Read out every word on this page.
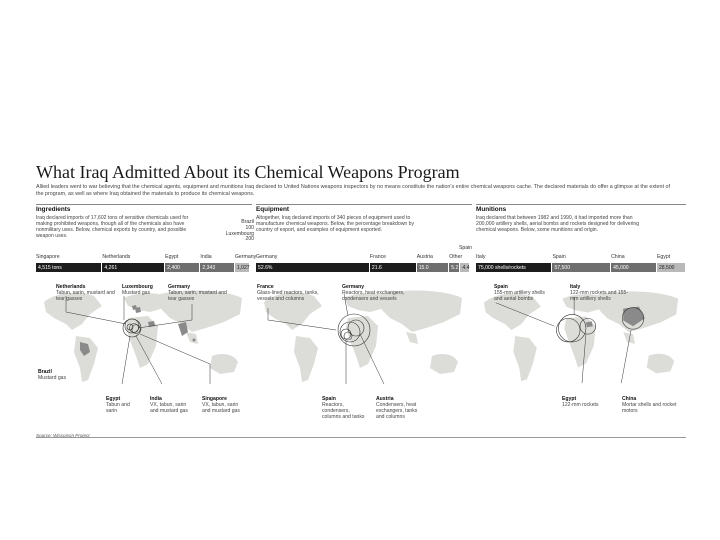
What Iraq Admitted About its Chemical Weapons Program
Allied leaders went to war believing that the chemical agents, equipment and munitions Iraq declared to United Nations weapons inspectors by no means constitute the nation's entire chemical weapons cache. The declared materials do offer a glimpse at the extent of the program, as well as where Iraq obtained the materials to produce its chemical weapons.
Ingredients
Iraq declared imports of 17,602 tons of sensitive chemicals used for making prohibited weapons, though all of the chemicals also have nonmilitary uses. Below, chemical exports by country, and possible weapon uses.
Brazil
100
Luxembourg
200
Equipment
Altogether, Iraq declared imports of 340 pieces of equipment used to manufacture chemical weapons. Below, the percentage breakdown by country of export, and examples of equipment exported.
Spain
Munitions
Iraq declared that between 1982 and 1990, it had imported more than 200,000 artillery shells, aerial bombs and rockets designed for delivering chemical weapons. Below, some munitions and origin.
Singapore	Netherlands	Egypt	India	Germany
4,515 tons	4,261	2,400	2,343	1,027
Germany	France	Austria	Other
52.6%	21.6	15.0	5.2 4.4
Italy	Spain	China	Egypt
75,000 shells/rockets	57,500	45,000	28,500
Netherlands
Tabun, sarin, mustard and tear gasses
Luxembourg
Mustard gas
Germany
Tabun, sarin, mustard and tear gasses
Brazil
Mustard gas
Egypt
Tabun and sarin
India
VX, tabun, sarin and mustard gas
Singapore
VX, tabun, sarin and mustard gas
France
Glass-lined reactors, tanks, vessels and columns
Germany
Reactors, heat exchangers, condensers and vessels
Spain
Reactors, condensers, columns and tanks
Austria
Condensers, heat exchangers, tanks and columns
Spain
155-mm artillery shells and aerial bombs
Italy
122-mm rockets and 155-mm artillery shells
Egypt
122-mm rockets
China
Mortar shells and rocket motors
Source: Wisconsin Project
